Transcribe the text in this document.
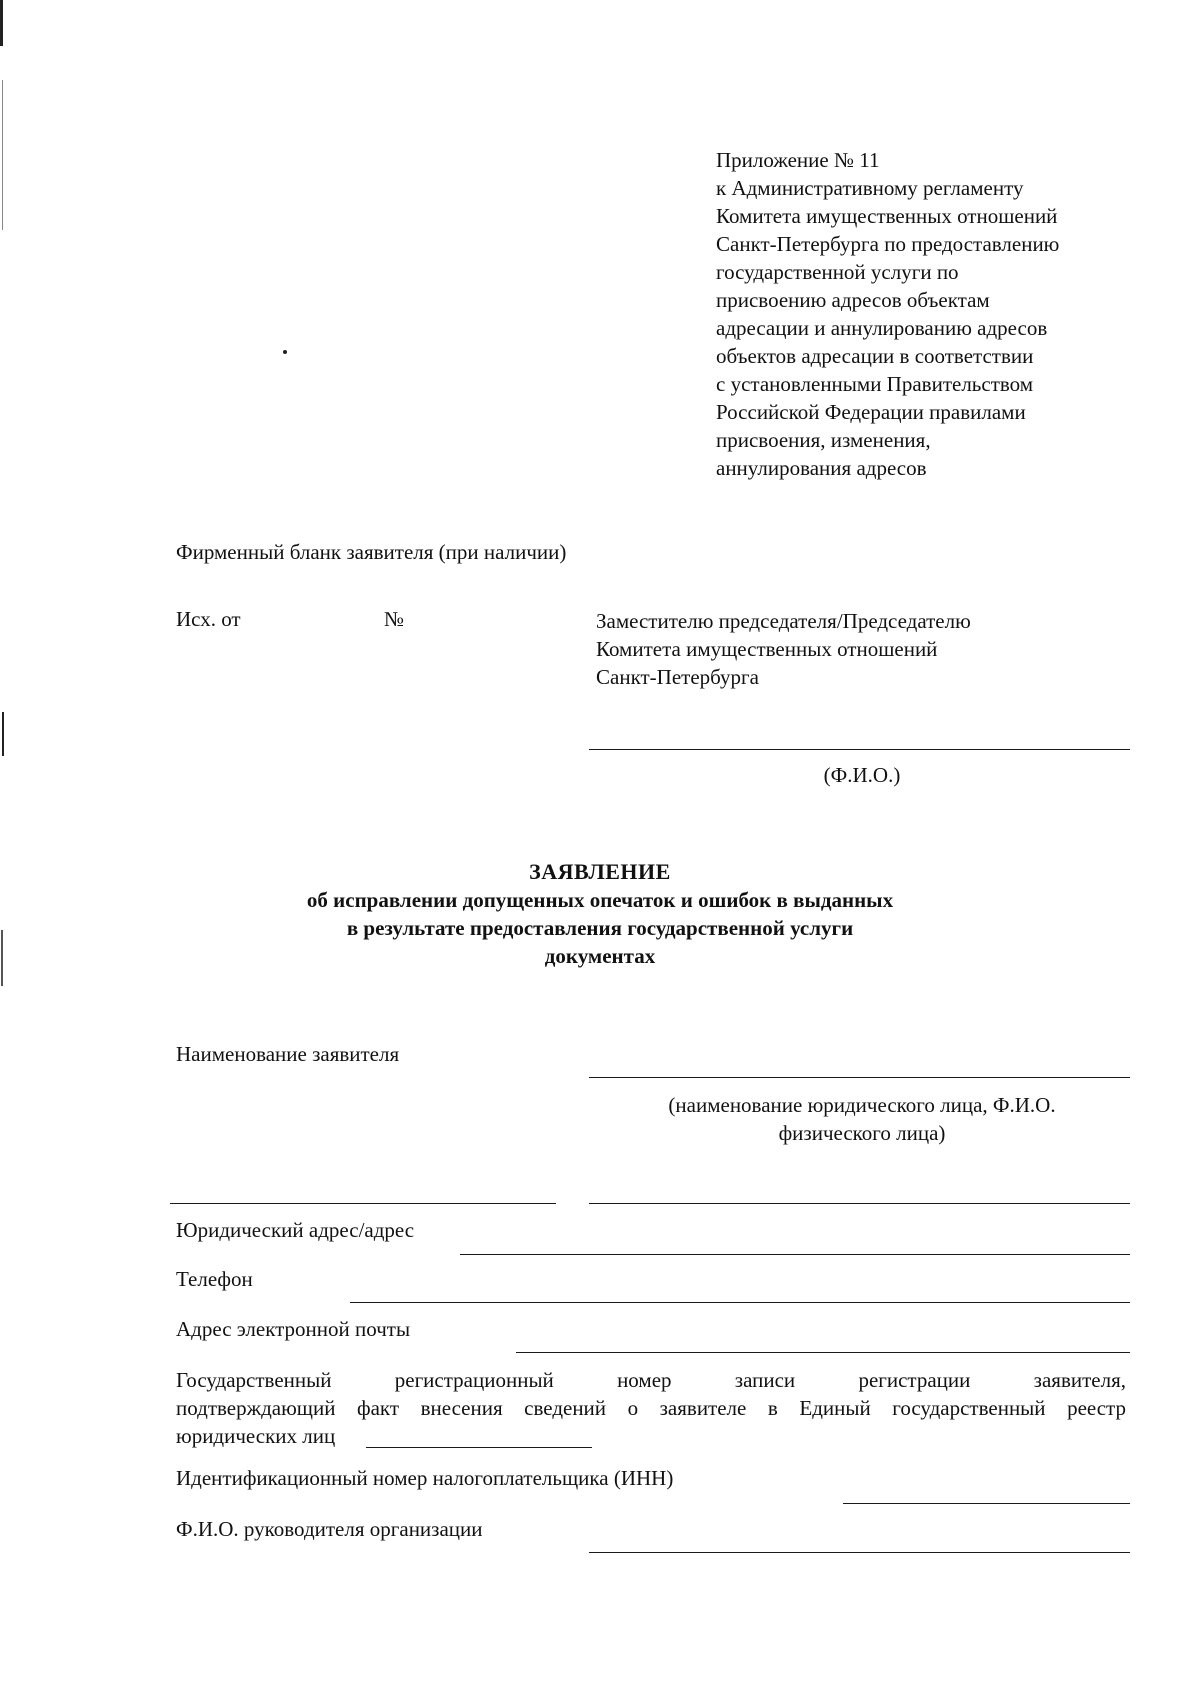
Приложение № 11
к Административному регламенту
Комитета имущественных отношений
Санкт-Петербурга по предоставлению
государственной услуги по
присвоению адресов объектам
адресации и аннулированию адресов
объектов адресации в соответствии
с установленными Правительством
Российской Федерации правилами
присвоения, изменения,
аннулирования адресов
Фирменный бланк заявителя (при наличии)
Исх. от	№	Заместителю председателя/Председателю
Комитета имущественных отношений
Санкт-Петербурга
(Ф.И.О.)
ЗАЯВЛЕНИЕ
об исправлении допущенных опечаток и ошибок в выданных
в результате предоставления государственной услуги
документах
Наименование заявителя
(наименование юридического лица, Ф.И.О.
физического лица)
Юридический адрес/адрес
Телефон
Адрес электронной почты
Государственный регистрационный номер записи регистрации заявителя,
подтверждающий факт внесения сведений о заявителе в Единый государственный реестр
юридических лиц
Идентификационный номер налогоплательщика (ИНН)
Ф.И.О. руководителя организации
